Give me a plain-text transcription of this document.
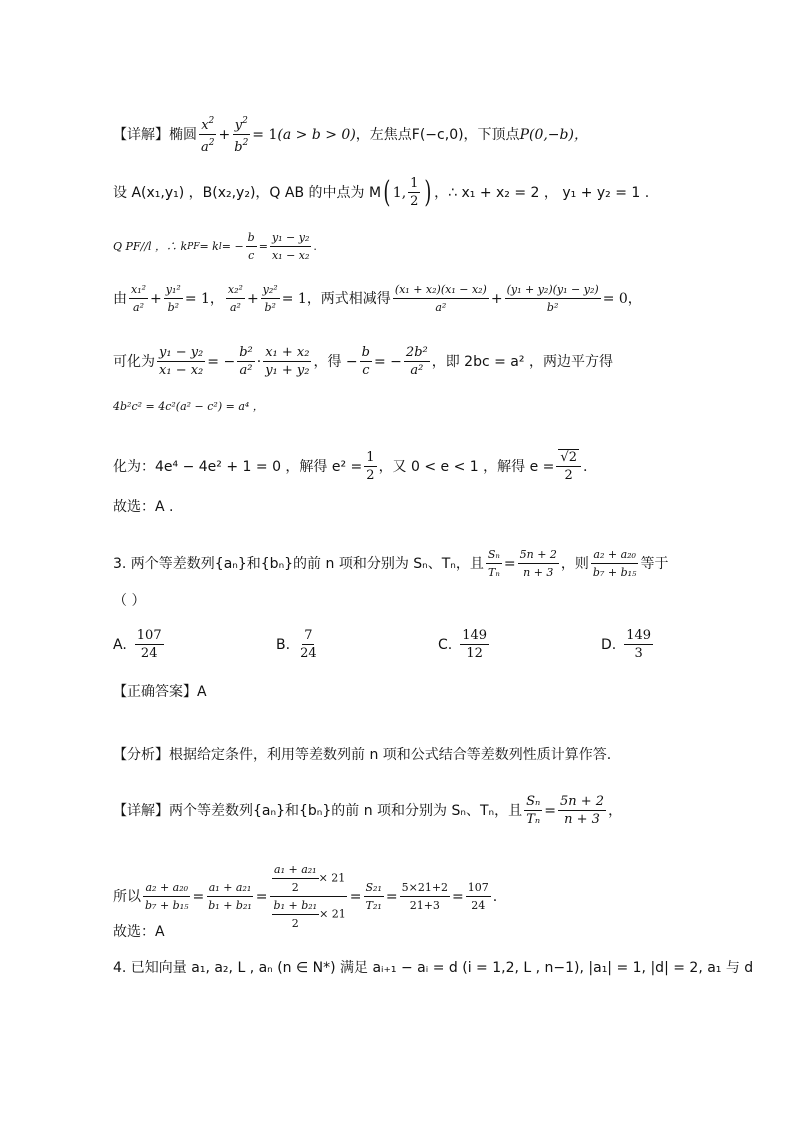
【详解】 椭圆 $\frac{x^2}{a^2} + \frac{y^2}{b^2} = 1$ (a > b > 0) ，左焦点F(−c,0)，下顶点 P(0,−b)，
设 A(x₁,y₁) ，B(x₂,y₂)，Q AB 的中点为 M ( 1, $\frac{1}{2}$ ) ，∴ x₁ + x₂ = 2 ， y₁ + y₂ = 1 .
Q PF//l ，∴ k PF = k l = − $\frac{b}{c} = \frac{\text{y₁ − y₂}}{\text{x₁ − x₂}}$ .
由 $\frac{\text{x₁²}}{\text{a²}} + \frac{\text{y₁²}}{\text{b²}} = 1$ ， $\frac{\text{x₂²}}{\text{a²}} + \frac{\text{y₂²}}{\text{b²}} = 1$ ，两式相减得 $\frac{\text{(x₁ + x₂)(x₁ − x₂)}}{\text{a²}} + \frac{\text{(y₁ + y₂)(y₁ − y₂)}}{\text{b²}} = 0$，
可化为 $\frac{\text{y₁ − y₂}}{\text{x₁ − x₂}}$ = − $\frac{\text{b²}}{\text{a²}} \cdot \frac{\text{x₁ + x₂}}{\text{y₁ + y₂}}$ ，得 − $\frac{b}{c}$ = − $\frac{\text{2b²}}{\text{a²}}$ ，即 2bc = a² ，两边平方得
4b²c² = 4c²(a² − c²) = a⁴ ，
化为：4e⁴ − 4e² + 1 = 0 ，解得 $e^2 = \frac{1}{2}$ ，又 0 < e < 1 ，解得 $e = \frac{√2}{2}$ .
故选：A .
3. 两个等差数列{aₙ}和{bₙ}的前 n 项和分别为 Sₙ、Tₙ，且 $\frac{\text{Sₙ}}{\text{Tₙ}} = \frac{5n + 2}{n + 3}$ ，则 $\frac{\text{a₂ + a₂₀}}{\text{b₇ + b₁₅}}$ 等于
（ ）
A. $\frac{107}{24}$	B. $\frac{7}{24}$	C. $\frac{149}{12}$	D. $\frac{149}{3}$
【正确答案】A
【分析】根据给定条件，利用等差数列前 n 项和公式结合等差数列性质计算作答.
【详解】两个等差数列{aₙ}和{bₙ}的前 n 项和分别为 Sₙ、Tₙ，且 $\frac{\text{Sₙ}}{\text{Tₙ}} = \frac{5n + 2}{n + 3}$ ，
所以 $\frac{\text{a₂ + a₂₀}}{\text{b₇ + b₁₅}} = \frac{\text{a₁ + a₂₁}}{\text{b₁ + b₂₁}} = \frac{\frac{\text{a₁ + a₂₁}}{2} \times 21}{\frac{\text{b₁ + b₂₁}}{2} \times 21} = \frac{\text{S₂₁}}{\text{T₂₁}} = \frac{5\times 21+2}{21+3} = \frac{107}{24}$ .
故选：A
4. 已知向量 a₁, a₂, L , aₙ (n ∈ N*) 满足 aᵢ₊₁ − aᵢ = d (i = 1,2, L , n−1), |a₁| = 1, |d| = 2, a₁ 与 d
